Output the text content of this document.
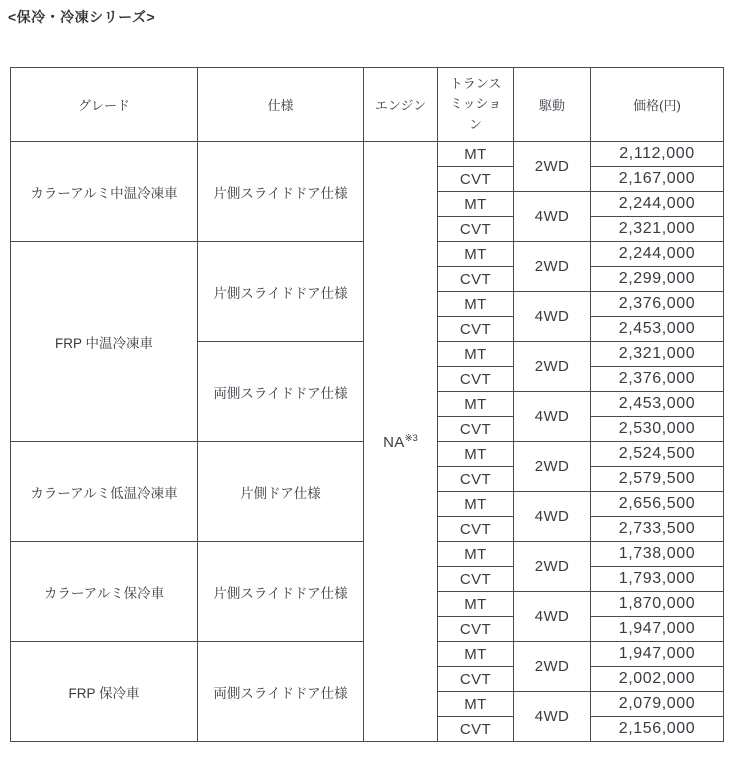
<保冷・冷凍シリーズ>
グレード	仕様	エンジン	トランスミッション	駆動	価格(円)
カラーアルミ中温冷凍車	片側スライドドア仕様	NA$^{※3}$	MT	2WD	2,112,000
			CVT		2,167,000
			MT	4WD	2,244,000
			CVT		2,321,000
FRP 中温冷凍車	片側スライドドア仕様		MT	2WD	2,244,000
			CVT		2,299,000
			MT	4WD	2,376,000
			CVT		2,453,000
	両側スライドドア仕様		MT	2WD	2,321,000
			CVT		2,376,000
			MT	4WD	2,453,000
			CVT		2,530,000
カラーアルミ低温冷凍車	片側ドア仕様		MT	2WD	2,524,500
			CVT		2,579,500
			MT	4WD	2,656,500
			CVT		2,733,500
カラーアルミ保冷車	片側スライドドア仕様		MT	2WD	1,738,000
			CVT		1,793,000
			MT	4WD	1,870,000
			CVT		1,947,000
FRP 保冷車	両側スライドドア仕様		MT	2WD	1,947,000
			CVT		2,002,000
			MT	4WD	2,079,000
			CVT		2,156,000
